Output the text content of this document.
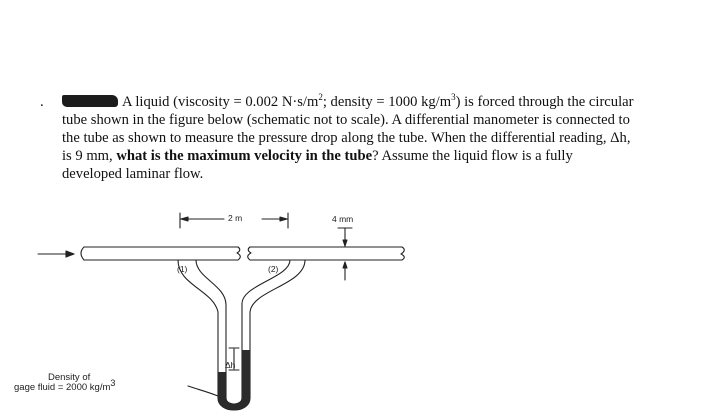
.	A liquid (viscosity = 0.002 $N\cdot s/m^2$; density = 1000 $kg/m^3$) is forced through the circular
tube shown in the figure below (schematic not to scale). A differential manometer is connected to
the tube as shown to measure the pressure drop along the tube. When the differential reading, Δh,
is 9 mm, what is the maximum velocity in the tube? Assume the liquid flow is a fully
developed laminar flow.
2 m	4 mm
(1)	(2)
Δh
Density of
gage fluid = 2000 $kg/m^3$
